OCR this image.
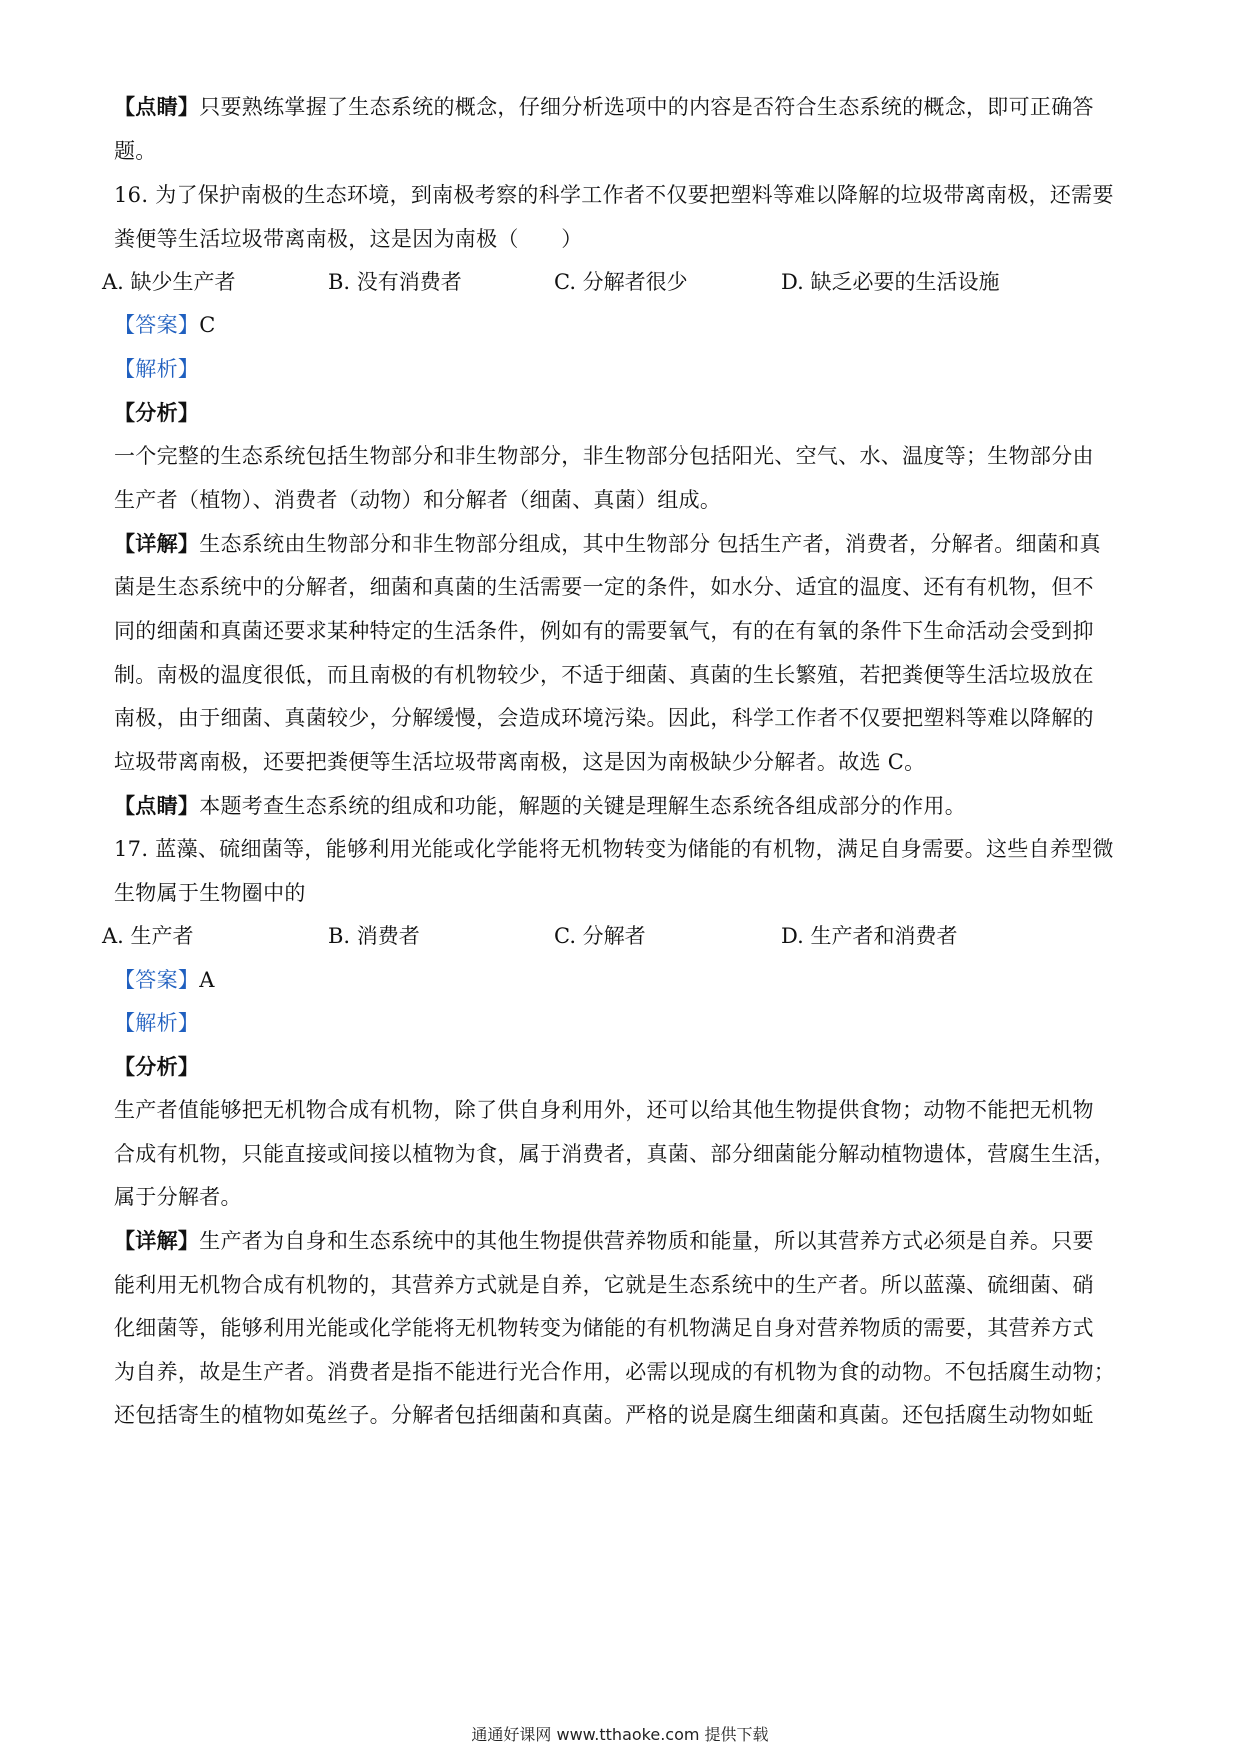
【点睛】只要熟练掌握了生态系统的概念，仔细分析选项中的内容是否符合生态系统的概念，即可正确答
题。
16. 为了保护南极的生态环境，到南极考察的科学工作者不仅要把塑料等难以降解的垃圾带离南极，还需要
粪便等生活垃圾带离南极，这是因为南极（　　）
A. 缺少生产者	B. 没有消费者	C. 分解者很少	D. 缺乏必要的生活设施
【答案】C
【解析】
【分析】
一个完整的生态系统包括生物部分和非生物部分，非生物部分包括阳光、空气、水、温度等；生物部分由
生产者（植物）、消费者（动物）和分解者（细菌、真菌）组成。
【详解】生态系统由生物部分和非生物部分组成，其中生物部分 包括生产者，消费者，分解者。细菌和真
菌是生态系统中的分解者，细菌和真菌的生活需要一定的条件，如水分、适宜的温度、还有有机物，但不
同的细菌和真菌还要求某种特定的生活条件，例如有的需要氧气，有的在有氧的条件下生命活动会受到抑
制。南极的温度很低，而且南极的有机物较少，不适于细菌、真菌的生长繁殖，若把粪便等生活垃圾放在
南极，由于细菌、真菌较少，分解缓慢，会造成环境污染。因此，科学工作者不仅要把塑料等难以降解的
垃圾带离南极，还要把粪便等生活垃圾带离南极，这是因为南极缺少分解者。故选 C。
【点睛】本题考查生态系统的组成和功能，解题的关键是理解生态系统各组成部分的作用。
17. 蓝藻、硫细菌等，能够利用光能或化学能将无机物转变为储能的有机物，满足自身需要。这些自养型微
生物属于生物圈中的
A. 生产者	B. 消费者	C. 分解者	D. 生产者和消费者
【答案】A
【解析】
【分析】
生产者值能够把无机物合成有机物，除了供自身利用外，还可以给其他生物提供食物；动物不能把无机物
合成有机物，只能直接或间接以植物为食，属于消费者，真菌、部分细菌能分解动植物遗体，营腐生生活，
属于分解者。
【详解】生产者为自身和生态系统中的其他生物提供营养物质和能量，所以其营养方式必须是自养。只要
能利用无机物合成有机物的，其营养方式就是自养，它就是生态系统中的生产者。所以蓝藻、硫细菌、硝
化细菌等，能够利用光能或化学能将无机物转变为储能的有机物满足自身对营养物质的需要，其营养方式
为自养，故是生产者。消费者是指不能进行光合作用，必需以现成的有机物为食的动物。不包括腐生动物；
还包括寄生的植物如菟丝子。分解者包括细菌和真菌。严格的说是腐生细菌和真菌。还包括腐生动物如蚯
通通好课网 www.tthaoke.com 提供下载
